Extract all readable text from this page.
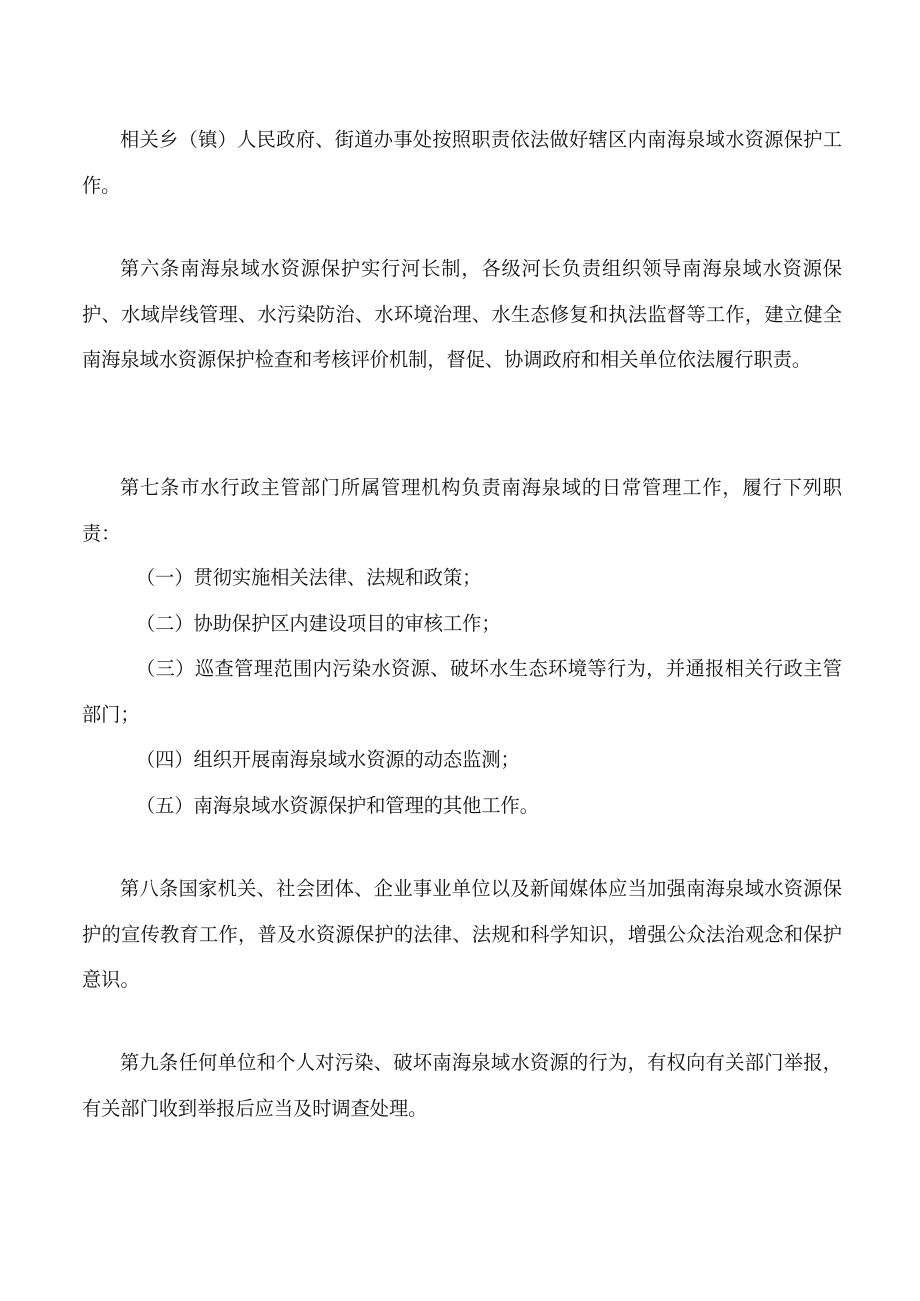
相关乡（镇）人民政府、街道办事处按照职责依法做好辖区内南海泉域水资源保护工作。

第六条南海泉域水资源保护实行河长制，各级河长负责组织领导南海泉域水资源保护、水域岸线管理、水污染防治、水环境治理、水生态修复和执法监督等工作，建立健全南海泉域水资源保护检查和考核评价机制，督促、协调政府和相关单位依法履行职责。

第七条市水行政主管部门所属管理机构负责南海泉域的日常管理工作，履行下列职责：

（一）贯彻实施相关法律、法规和政策；

（二）协助保护区内建设项目的审核工作；

（三）巡查管理范围内污染水资源、破坏水生态环境等行为，并通报相关行政主管部门；

（四）组织开展南海泉域水资源的动态监测；

（五）南海泉域水资源保护和管理的其他工作。

第八条国家机关、社会团体、企业事业单位以及新闻媒体应当加强南海泉域水资源保护的宣传教育工作，普及水资源保护的法律、法规和科学知识，增强公众法治观念和保护意识。

第九条任何单位和个人对污染、破坏南海泉域水资源的行为，有权向有关部门举报，有关部门收到举报后应当及时调查处理。
